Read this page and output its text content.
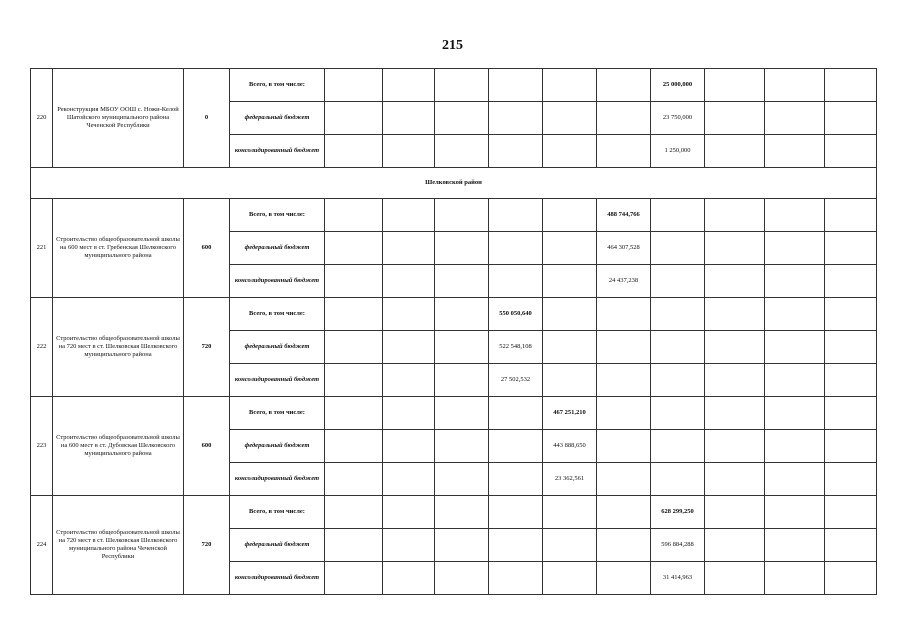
215
220	Реконструкция МБОУ ООШ с. Ножи-Келой Шатойского муниципального района Чеченской Республики	0	Всего, в том числе:							25 000,000			
			федеральный бюджет							23 750,000			
			консолидированный бюджет							1 250,000			
Шелковской район													
221	Строительство общеобразовательной школы на 600 мест в ст. Гребенская Шелковского муниципального района	600	Всего, в том числе:						488 744,766				
			федеральный бюджет						464 307,528				
			консолидированный бюджет						24 437,238				
222	Строительство общеобразовательной школы на 720 мест в ст. Шелковская Шелковского муниципального района	720	Всего, в том числе:				550 050,640						
			федеральный бюджет				522 548,108						
			консолидированный бюджет				27 502,532						
223	Строительство общеобразовательной школы на 600 мест в ст. Дубовская Шелковского муниципального района	600	Всего, в том числе:					467 251,210					
			федеральный бюджет					443 888,650					
			консолидированный бюджет					23 362,561					
224	Строительство общеобразовательной школы на 720 мест в ст. Шелковская Шелковского муниципального района Чеченской Республики	720	Всего, в том числе:							628 299,250			
			федеральный бюджет							596 884,288			
			консолидированный бюджет							31 414,963			
